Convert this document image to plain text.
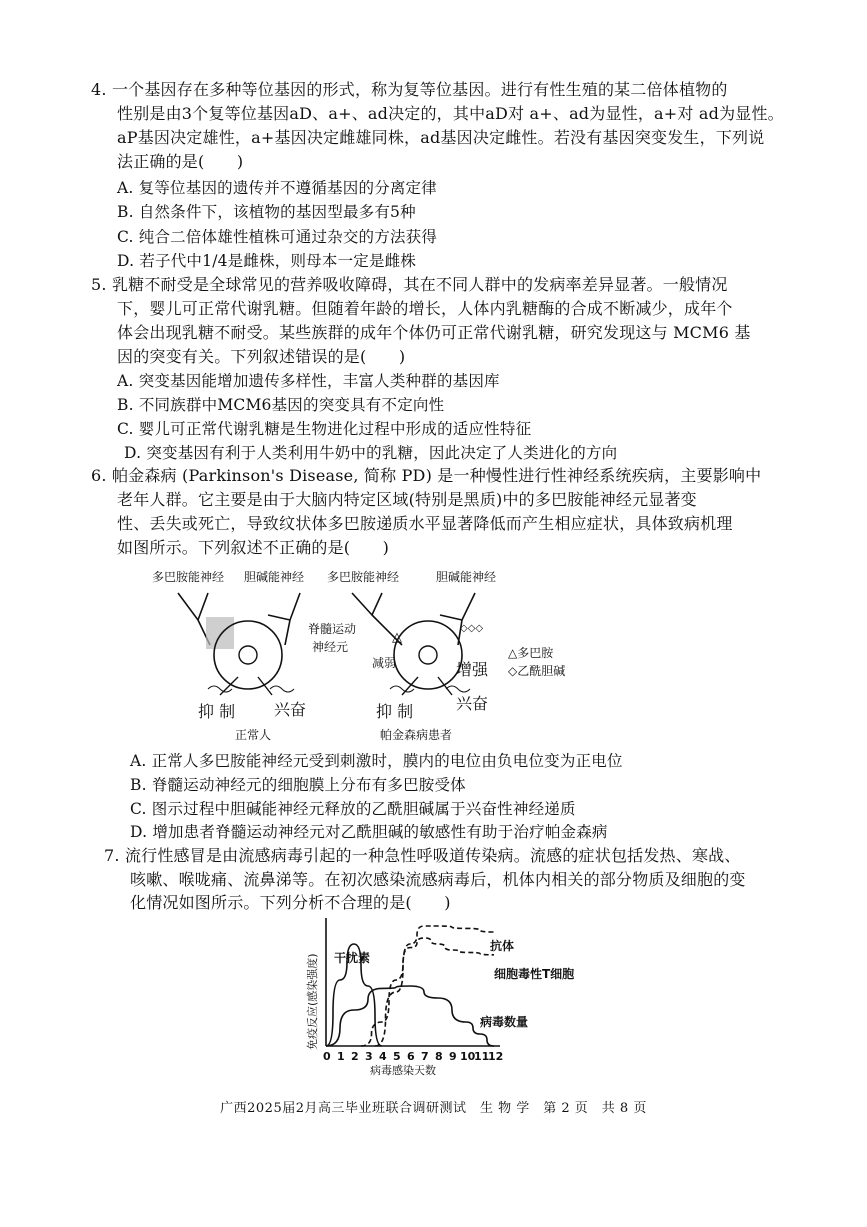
4. 一个基因存在多种等位基因的形式，称为复等位基因。进行有性生殖的某二倍体植物的
性别是由3个复等位基因aD、a+、ad决定的，其中aD对 a+、ad为显性，a+对 ad为显性。
aP基因决定雄性，a+基因决定雌雄同株，ad基因决定雌性。若没有基因突变发生，下列说
法正确的是(　　)
A. 复等位基因的遗传并不遵循基因的分离定律
B. 自然条件下，该植物的基因型最多有5种
C. 纯合二倍体雄性植株可通过杂交的方法获得
D. 若子代中1/4是雌株，则母本一定是雌株
5. 乳糖不耐受是全球常见的营养吸收障碍，其在不同人群中的发病率差异显著。一般情况
下，婴儿可正常代谢乳糖。但随着年龄的增长，人体内乳糖酶的合成不断减少，成年个
体会出现乳糖不耐受。某些族群的成年个体仍可正常代谢乳糖，研究发现这与 MCM6 基
因的突变有关。下列叙述错误的是(　　)
A. 突变基因能增加遗传多样性，丰富人类种群的基因库
B. 不同族群中MCM6基因的突变具有不定向性
C. 婴儿可正常代谢乳糖是生物进化过程中形成的适应性特征
D. 突变基因有利于人类利用牛奶中的乳糖，因此决定了人类进化的方向
6. 帕金森病 (Parkinson's Disease, 简称 PD) 是一种慢性进行性神经系统疾病，主要影响中
老年人群。它主要是由于大脑内特定区域(特别是黑质)中的多巴胺能神经元显著变
性、丢失或死亡，导致纹状体多巴胺递质水平显著降低而产生相应症状，具体致病机理
如图所示。下列叙述不正确的是(　　)
多巴胺能神经 胆碱能神经
抑 制 兴奋
正常人
脊髓运动
神经元
多巴胺能神经	胆碱能神经
△
◇◇◇
减弱	增强
抑 制	兴奋
帕金森病患者
△多巴胺
◇乙酰胆碱
A. 正常人多巴胺能神经元受到刺激时，膜内的电位由负电位变为正电位
B. 脊髓运动神经元的细胞膜上分布有多巴胺受体
C. 图示过程中胆碱能神经元释放的乙酰胆碱属于兴奋性神经递质
D. 增加患者脊髓运动神经元对乙酰胆碱的敏感性有助于治疗帕金森病
7. 流行性感冒是由流感病毒引起的一种急性呼吸道传染病。流感的症状包括发热、寒战、
咳嗽、喉咙痛、流鼻涕等。在初次感染流感病毒后，机体内相关的部分物质及细胞的变
化情况如图所示。下列分析不合理的是(　　)
0 1 2 3 4 5 6 7 8 9 10
11
12
免疫反应(感染强度)
病毒感染天数
干扰素
抗体
细胞毒性T细胞
病毒数量
广西2025届2月高三毕业班联合调研测试　生 物 学　第 2 页　共 8 页
